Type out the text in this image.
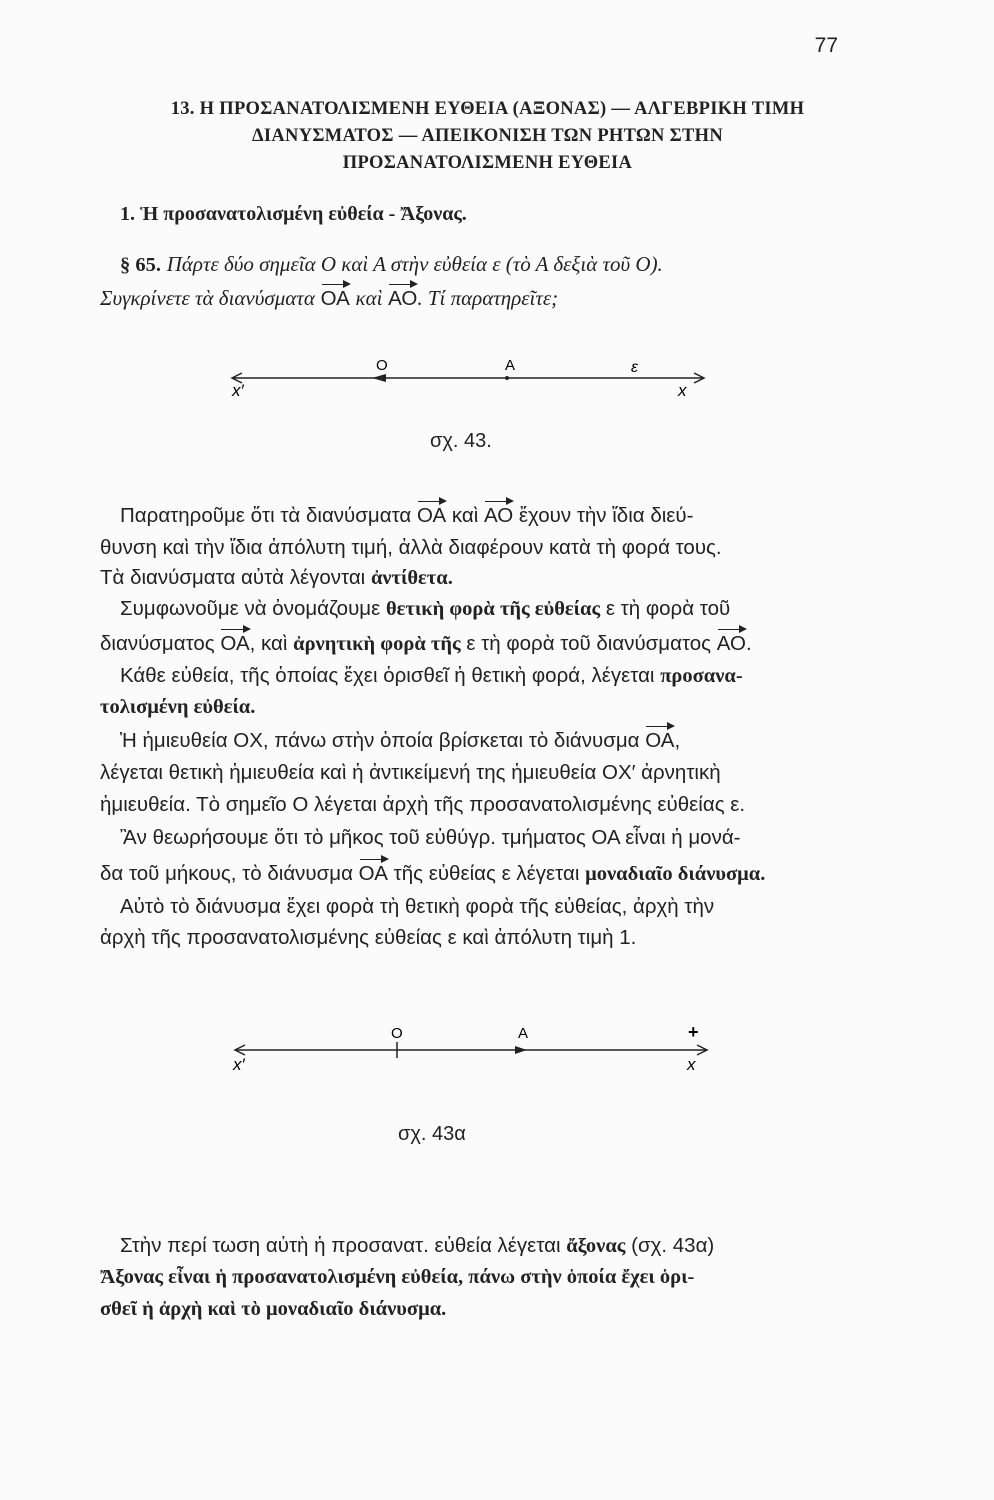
77
13. Η ΠΡΟΣΑΝΑΤΟΛΙΣΜΕΝΗ ΕΥΘΕΙΑ (ΑΞΟΝΑΣ) — ΑΛΓΕΒΡΙΚΗ ΤΙΜΗ
ΔΙΑΝΥΣΜΑΤΟΣ — ΑΠΕΙΚΟΝΙΣΗ ΤΩΝ ΡΗΤΩΝ ΣΤΗΝ
ΠΡΟΣΑΝΑΤΟΛΙΣΜΕΝΗ ΕΥΘΕΙΑ
1. Ἡ προσανατολισμένη εὐθεία - Ἄξονας.
§ 65. Πάρτε δύο σημεῖα Ο καὶ Α στὴν εὐθεία ε (τὸ Α δεξιὰ τοῦ Ο).
Συγκρίνετε τὰ διανύσματα ΟΑ καὶ ΑΟ. Τί παρατηρεῖτε;
Ο	Α	ε
x′	x
σχ. 43.
Παρατηροῦμε ὅτι τὰ διανύσματα ΟΑ καὶ ΑΟ ἔχουν τὴν ἴδια διεύ-
θυνση καὶ τὴν ἴδια ἀπόλυτη τιμή, ἀλλὰ διαφέρουν κατὰ τὴ φορά τους.
Τὰ διανύσματα αὐτὰ λέγονται ἀντίθετα.
Συμφωνοῦμε νὰ ὀνομάζουμε θετικὴ φορὰ τῆς εὐθείας ε τὴ φορὰ τοῦ
διανύσματος ΟΑ, καὶ ἀρνητικὴ φορὰ τῆς ε τὴ φορὰ τοῦ διανύσματος ΑΟ.
Κάθε εὐθεία, τῆς ὁποίας ἔχει ὁρισθεῖ ἡ θετικὴ φορά, λέγεται προσανα-
τολισμένη εὐθεία.
Ἡ ἡμιευθεία ΟΧ, πάνω στὴν ὁποία βρίσκεται τὸ διάνυσμα ΟΑ,
λέγεται θετικὴ ἡμιευθεία καὶ ἡ ἀντικείμενή της ἡμιευθεία ΟΧ′ ἀρνητικὴ
ἡμιευθεία. Τὸ σημεῖο Ο λέγεται ἀρχὴ τῆς προσανατολισμένης εὐθείας ε.
Ἂν θεωρήσουμε ὅτι τὸ μῆκος τοῦ εὐθύγρ. τμήματος ΟΑ εἶναι ἡ μονά-
δα τοῦ μήκους, τὸ διάνυσμα ΟΑ τῆς εὐθείας ε λέγεται μοναδιαῖο διάνυσμα.
Αὐτὸ τὸ διάνυσμα ἔχει φορὰ τὴ θετικὴ φορὰ τῆς εὐθείας, ἀρχὴ τὴν
ἀρχὴ τῆς προσανατολισμένης εὐθείας ε καὶ ἀπόλυτη τιμὴ 1.
Ο	Α	+
x′	x
σχ. 43α
Στὴν περί τωση αὐτὴ ἡ προσανατ. εὐθεία λέγεται ἄξονας (σχ. 43α)
Ἄξονας εἶναι ἡ προσανατολισμένη εὐθεία, πάνω στὴν ὁποία ἔχει ὁρι-
σθεῖ ἡ ἀρχὴ καὶ τὸ μοναδιαῖο διάνυσμα.
